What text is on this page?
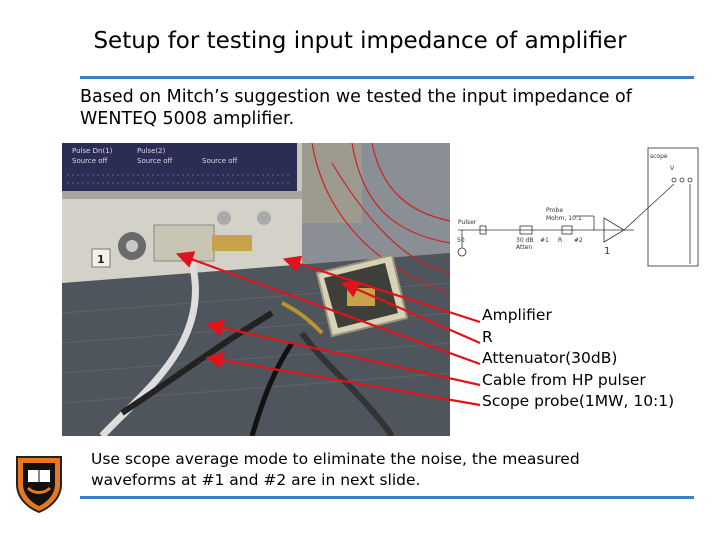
Setup for testing input impedance of amplifier
Based on Mitch’s suggestion we tested the input impedance of WENTEQ 5008 amplifier.
Pulse Dn(1)	Pulse(2)
Source off	Source off	Source off
1
scope
V
Pulser
50
Probe
Mohm, 10:1
30 dB
Atten
#1 R #2
1
Amplifier
R
Attenuator(30dB)
Cable from HP pulser
Scope probe(1MW, 10:1)
Use scope average mode to eliminate the noise, the measured waveforms at #1 and #2 are in next slide.
